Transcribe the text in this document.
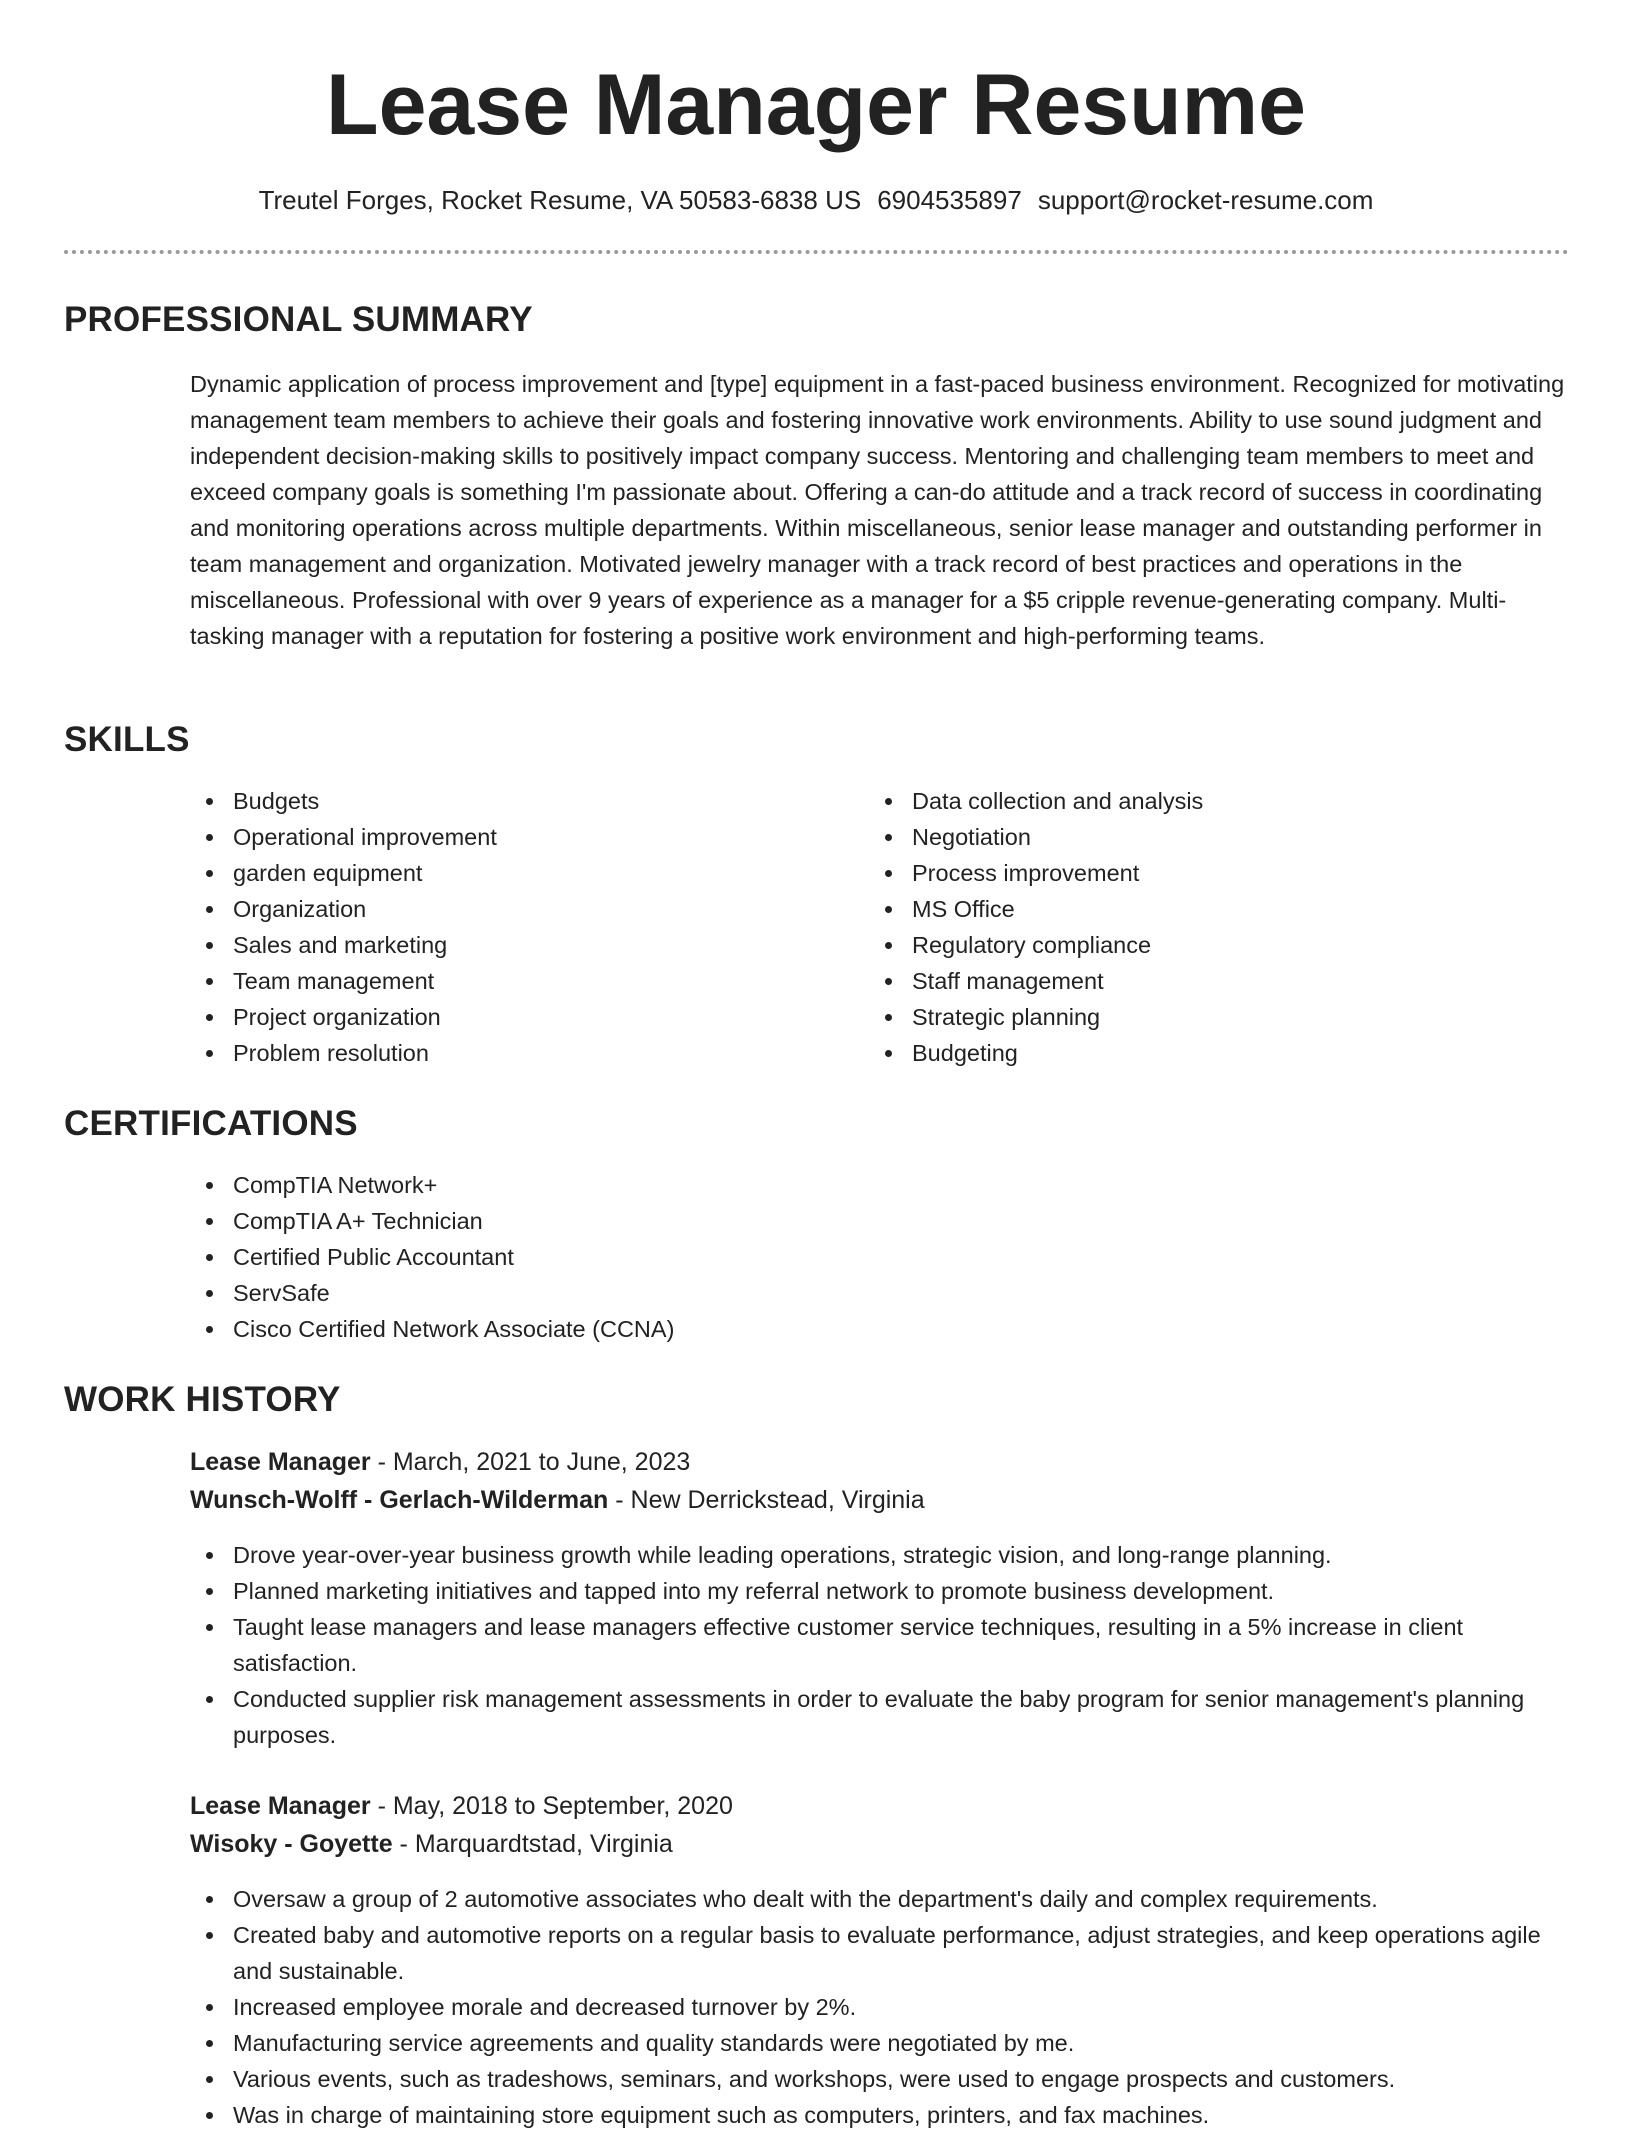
Lease Manager Resume
Treutel Forges, Rocket Resume, VA 50583-6838 US 6904535897 support@rocket-resume.com
PROFESSIONAL SUMMARY

Dynamic application of process improvement and [type] equipment in a fast-paced business environment. Recognized for motivating management team members to achieve their goals and fostering innovative work environments. Ability to use sound judgment and independent decision-making skills to positively impact company success. Mentoring and challenging team members to meet and exceed company goals is something I'm passionate about. Offering a can-do attitude and a track record of success in coordinating and monitoring operations across multiple departments. Within miscellaneous, senior lease manager and outstanding performer in team management and organization. Motivated jewelry manager with a track record of best practices and operations in the miscellaneous. Professional with over 9 years of experience as a manager for a $5 cripple revenue-generating company. Multi-tasking manager with a reputation for fostering a positive work environment and high-performing teams.

SKILLS
Budgets
Operational improvement
garden equipment
Organization
Sales and marketing
Team management
Project organization
Problem resolution
Data collection and analysis
Negotiation
Process improvement
MS Office
Regulatory compliance
Staff management
Strategic planning
Budgeting
CERTIFICATIONS
CompTIA Network+
CompTIA A+ Technician
Certified Public Accountant
ServSafe
Cisco Certified Network Associate (CCNA)
WORK HISTORY
Lease Manager - March, 2021 to June, 2023
Wunsch-Wolff - Gerlach-Wilderman - New Derrickstead, Virginia
Drove year-over-year business growth while leading operations, strategic vision, and long-range planning.
Planned marketing initiatives and tapped into my referral network to promote business development.
Taught lease managers and lease managers effective customer service techniques, resulting in a 5% increase in client satisfaction.
Conducted supplier risk management assessments in order to evaluate the baby program for senior management's planning purposes.
Lease Manager - May, 2018 to September, 2020
Wisoky - Goyette - Marquardtstad, Virginia
Oversaw a group of 2 automotive associates who dealt with the department's daily and complex requirements.
Created baby and automotive reports on a regular basis to evaluate performance, adjust strategies, and keep operations agile and sustainable.
Increased employee morale and decreased turnover by 2%.
Manufacturing service agreements and quality standards were negotiated by me.
Various events, such as tradeshows, seminars, and workshops, were used to engage prospects and customers.
Was in charge of maintaining store equipment such as computers, printers, and fax machines.
